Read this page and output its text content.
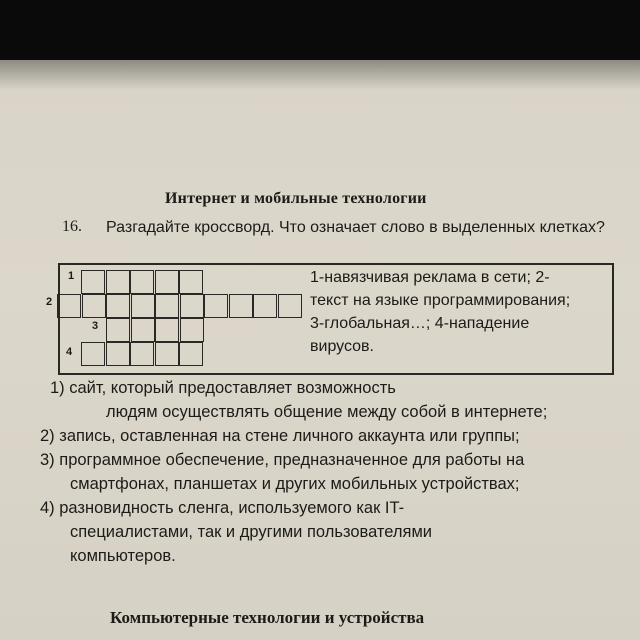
Интернет и мобильные технологии
16. Разгадайте кроссворд. Что означает слово в выделенных клетках?
1
2
3
4
1-навязчивая реклама в сети; 2-
текст на языке программирования;
3-глобальная…; 4-нападение
вирусов.
1) сайт, который предоставляет возможность
людям осуществлять общение между собой в интернете;
2) запись, оставленная на стене личного аккаунта или группы;
3) программное обеспечение, предназначенное для работы на
смартфонах, планшетах и других мобильных устройствах;
4) разновидность сленга, используемого как IT-
специалистами, так и другими пользователями
компьютеров.
Компьютерные технологии и устройства
